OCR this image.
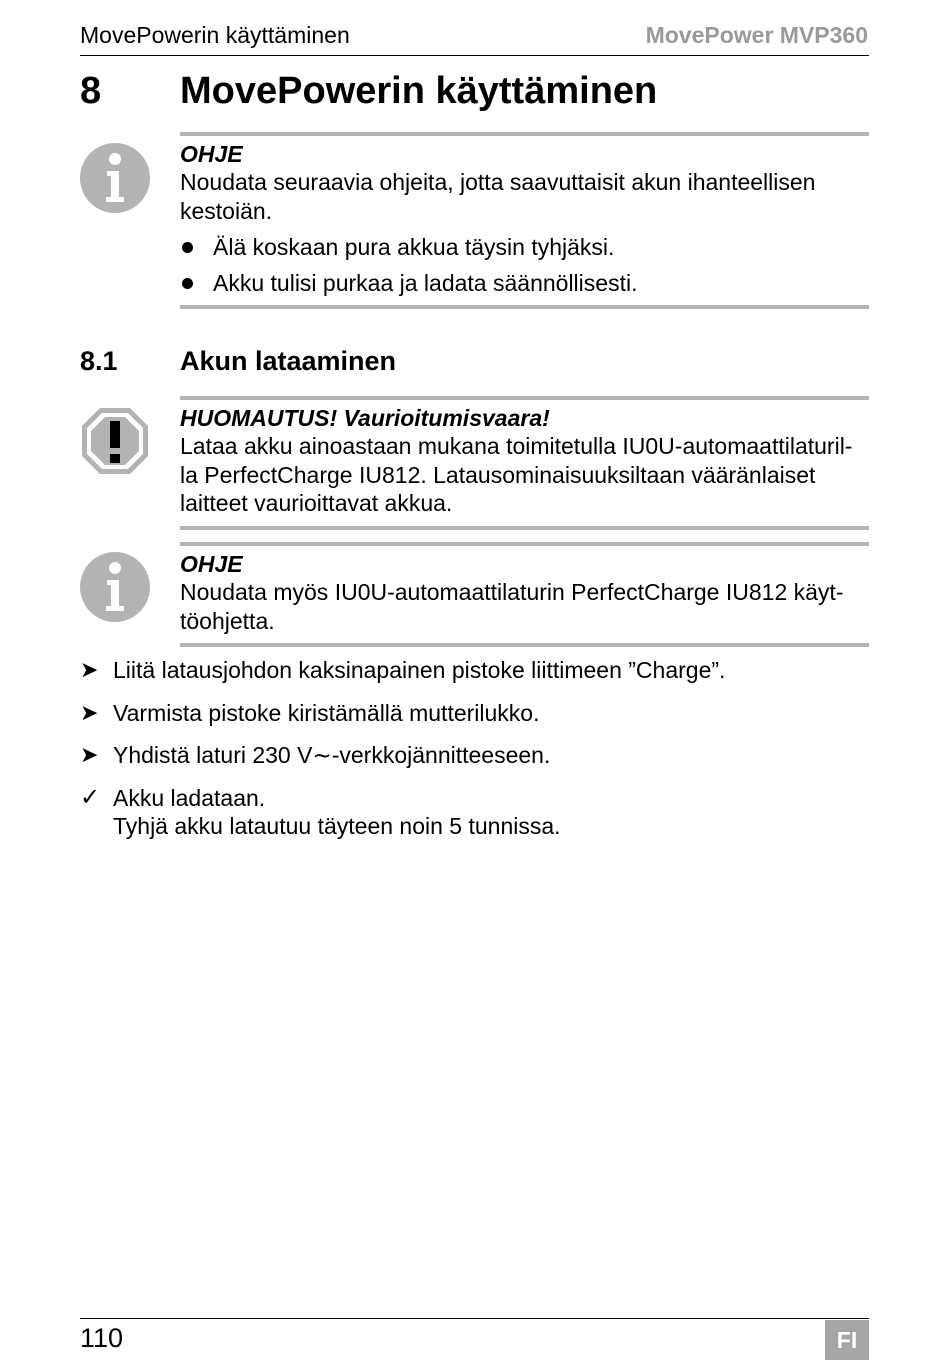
MovePowerin käyttäminen	MovePower MVP360
8 MovePowerin käyttäminen
OHJE
Noudata seuraavia ohjeita, jotta saavuttaisit akun ihanteellisen kestoiän.
Älä koskaan pura akkua täysin tyhjäksi.
Akku tulisi purkaa ja ladata säännöllisesti.
8.1 Akun lataaminen
HUOMAUTUS! Vaurioitumisvaara!
Lataa akku ainoastaan mukana toimitetulla IU0U-automaattilaturil-
la PerfectCharge IU812. Latausominaisuuksiltaan vääränlaiset
laitteet vaurioittavat akkua.
OHJE
Noudata myös IU0U-automaattilaturin PerfectCharge IU812 käyt-
töohjetta.
➤ Liitä latausjohdon kaksinapainen pistoke liittimeen ”Charge”.
➤ Varmista pistoke kiristämällä mutterilukko.
➤ Yhdistä laturi 230 V∼-verkkojännitteeseen.
✓ Akku ladataan.
Tyhjä akku latautuu täyteen noin 5 tunnissa.
110	FI
